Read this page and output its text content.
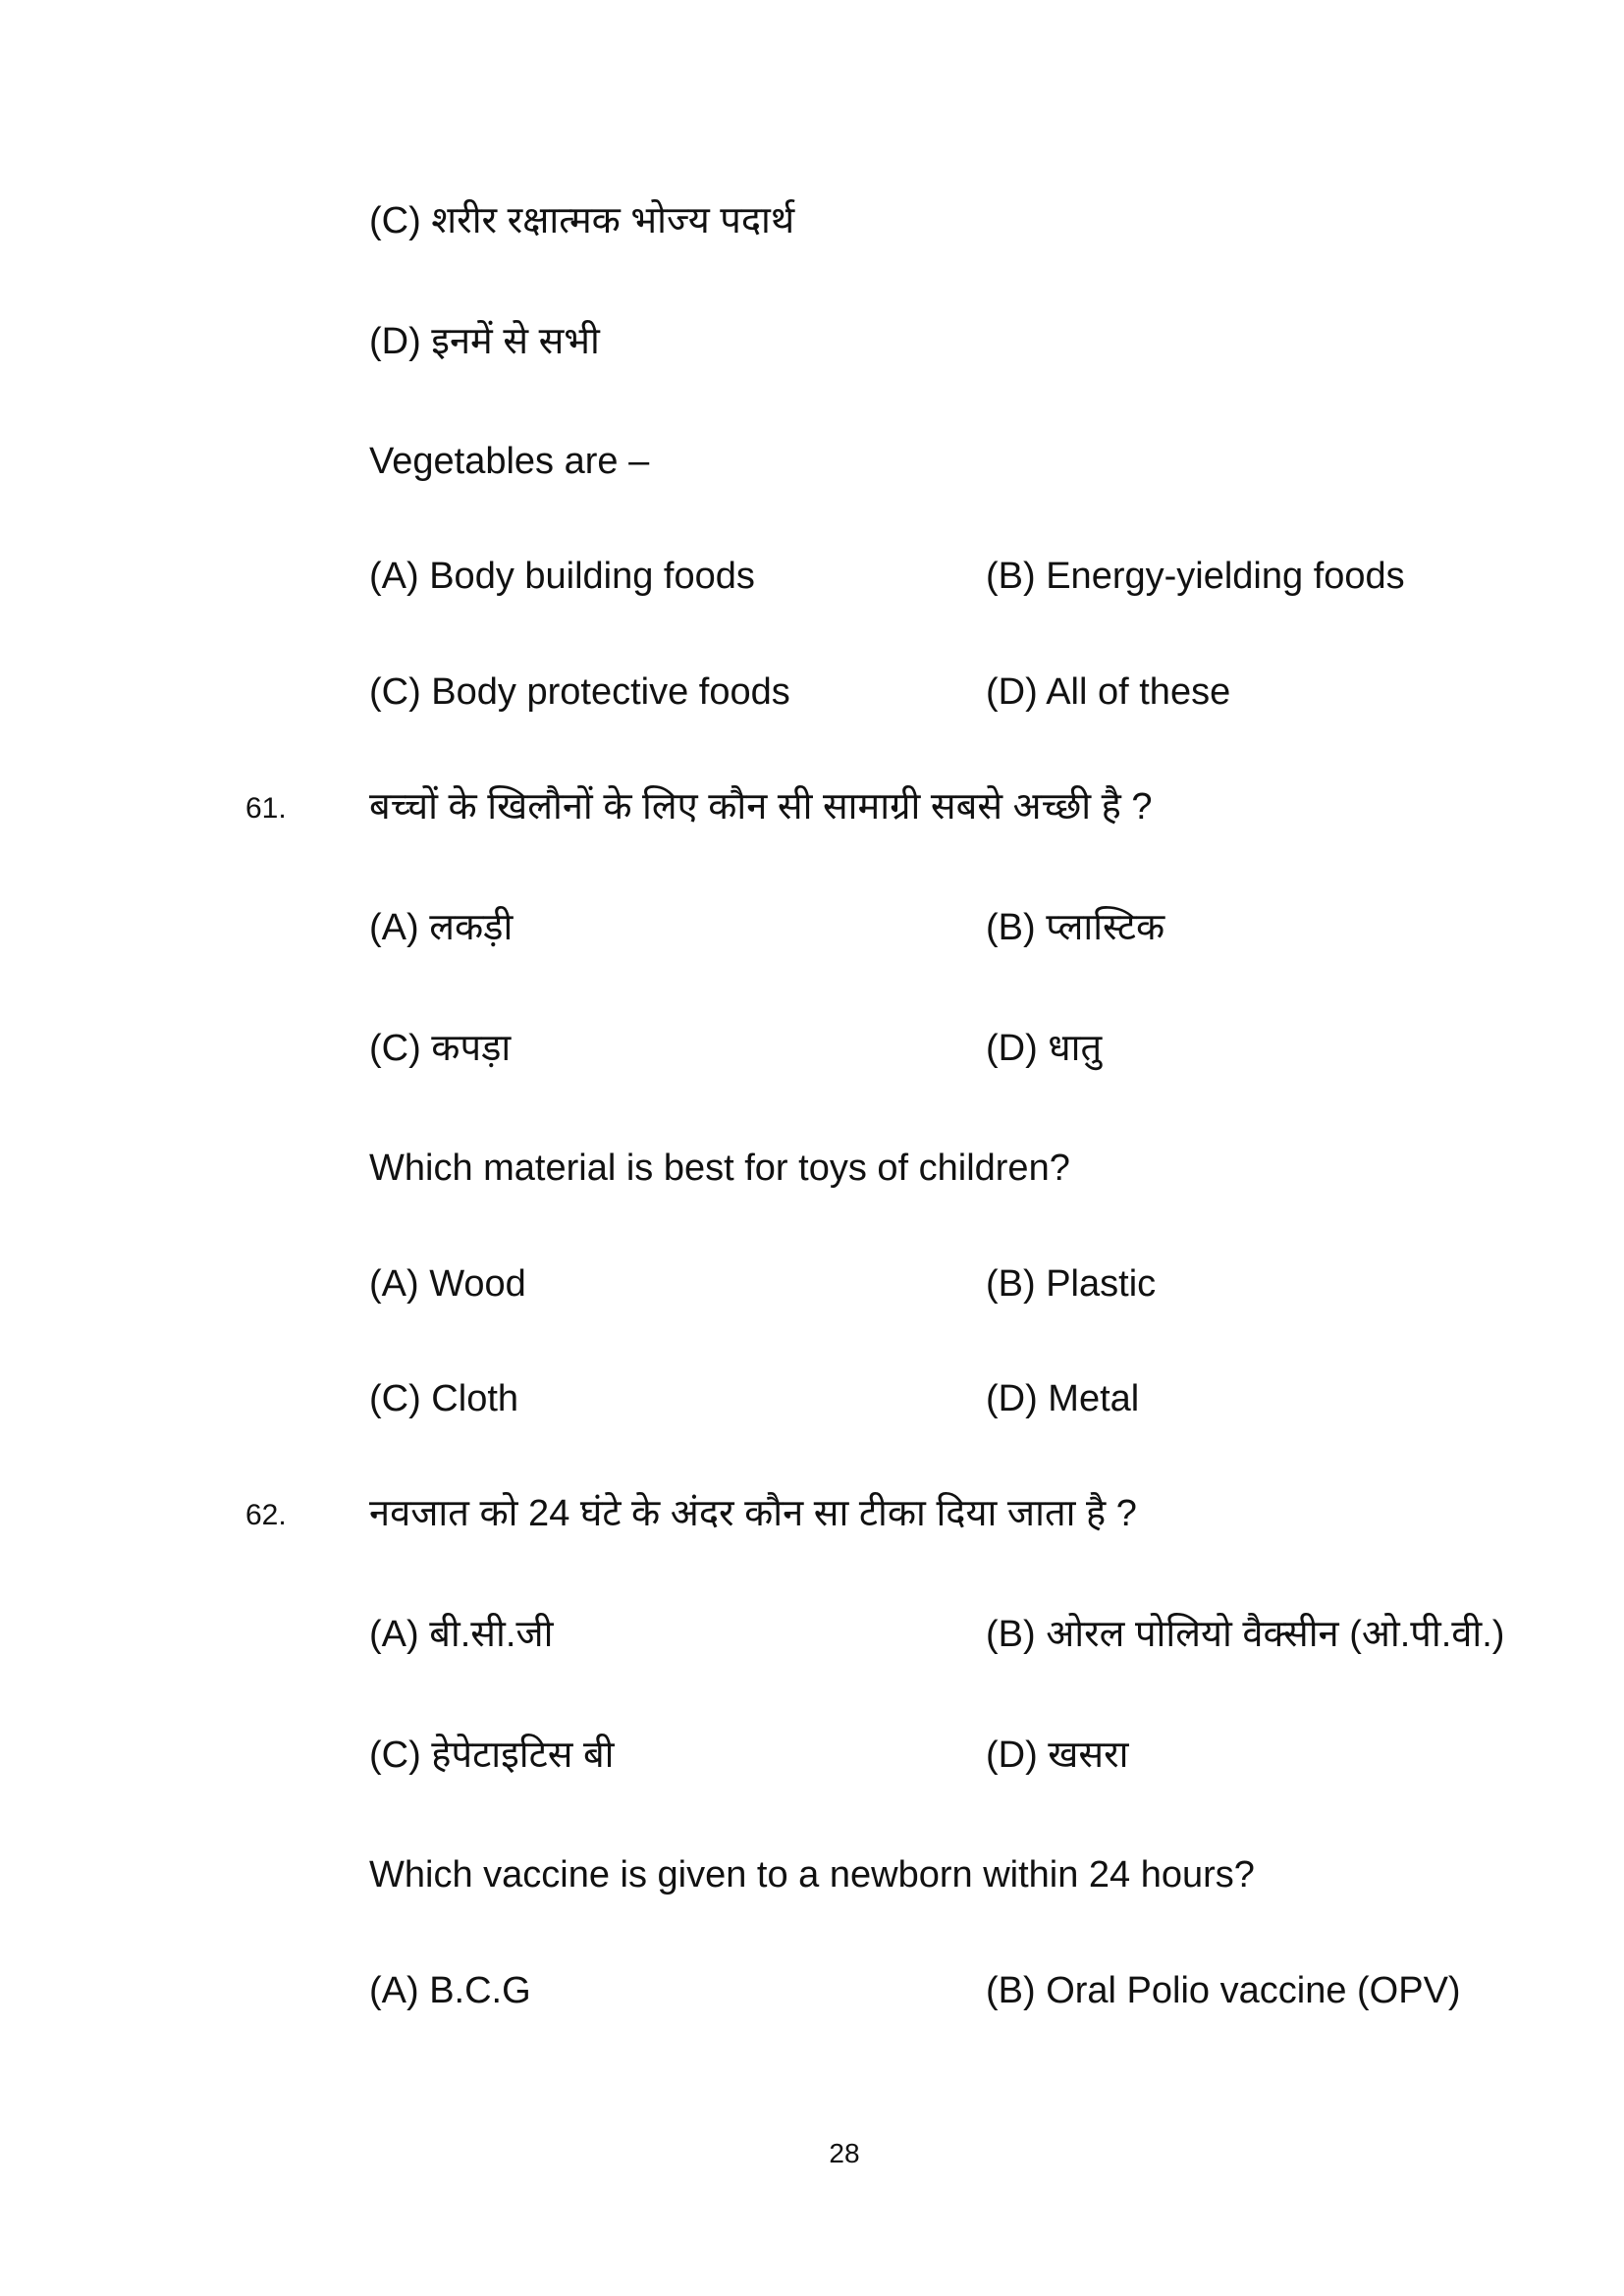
(C) शरीर रक्षात्मक भोज्य पदार्थ
(D) इनमें से सभी
Vegetables are –
(A) Body building foods	(B) Energy-yielding foods
(C) Body protective foods	(D) All of these
61. बच्चों के खिलौनों के लिए कौन सी सामाग्री सबसे अच्छी है ?
(A) लकड़ी	(B) प्लास्टिक
(C) कपड़ा	(D) धातु
Which material is best for toys of children?
(A) Wood	(B) Plastic
(C) Cloth	(D) Metal
62. नवजात को 24 घंटे के अंदर कौन सा टीका दिया जाता है ?
(A) बी.सी.जी	(B) ओरल पोलियो वैक्सीन (ओ.पी.वी.)
(C) हेपेटाइटिस बी	(D) खसरा
Which vaccine is given to a newborn within 24 hours?
(A) B.C.G	(B) Oral Polio vaccine (OPV)
28
